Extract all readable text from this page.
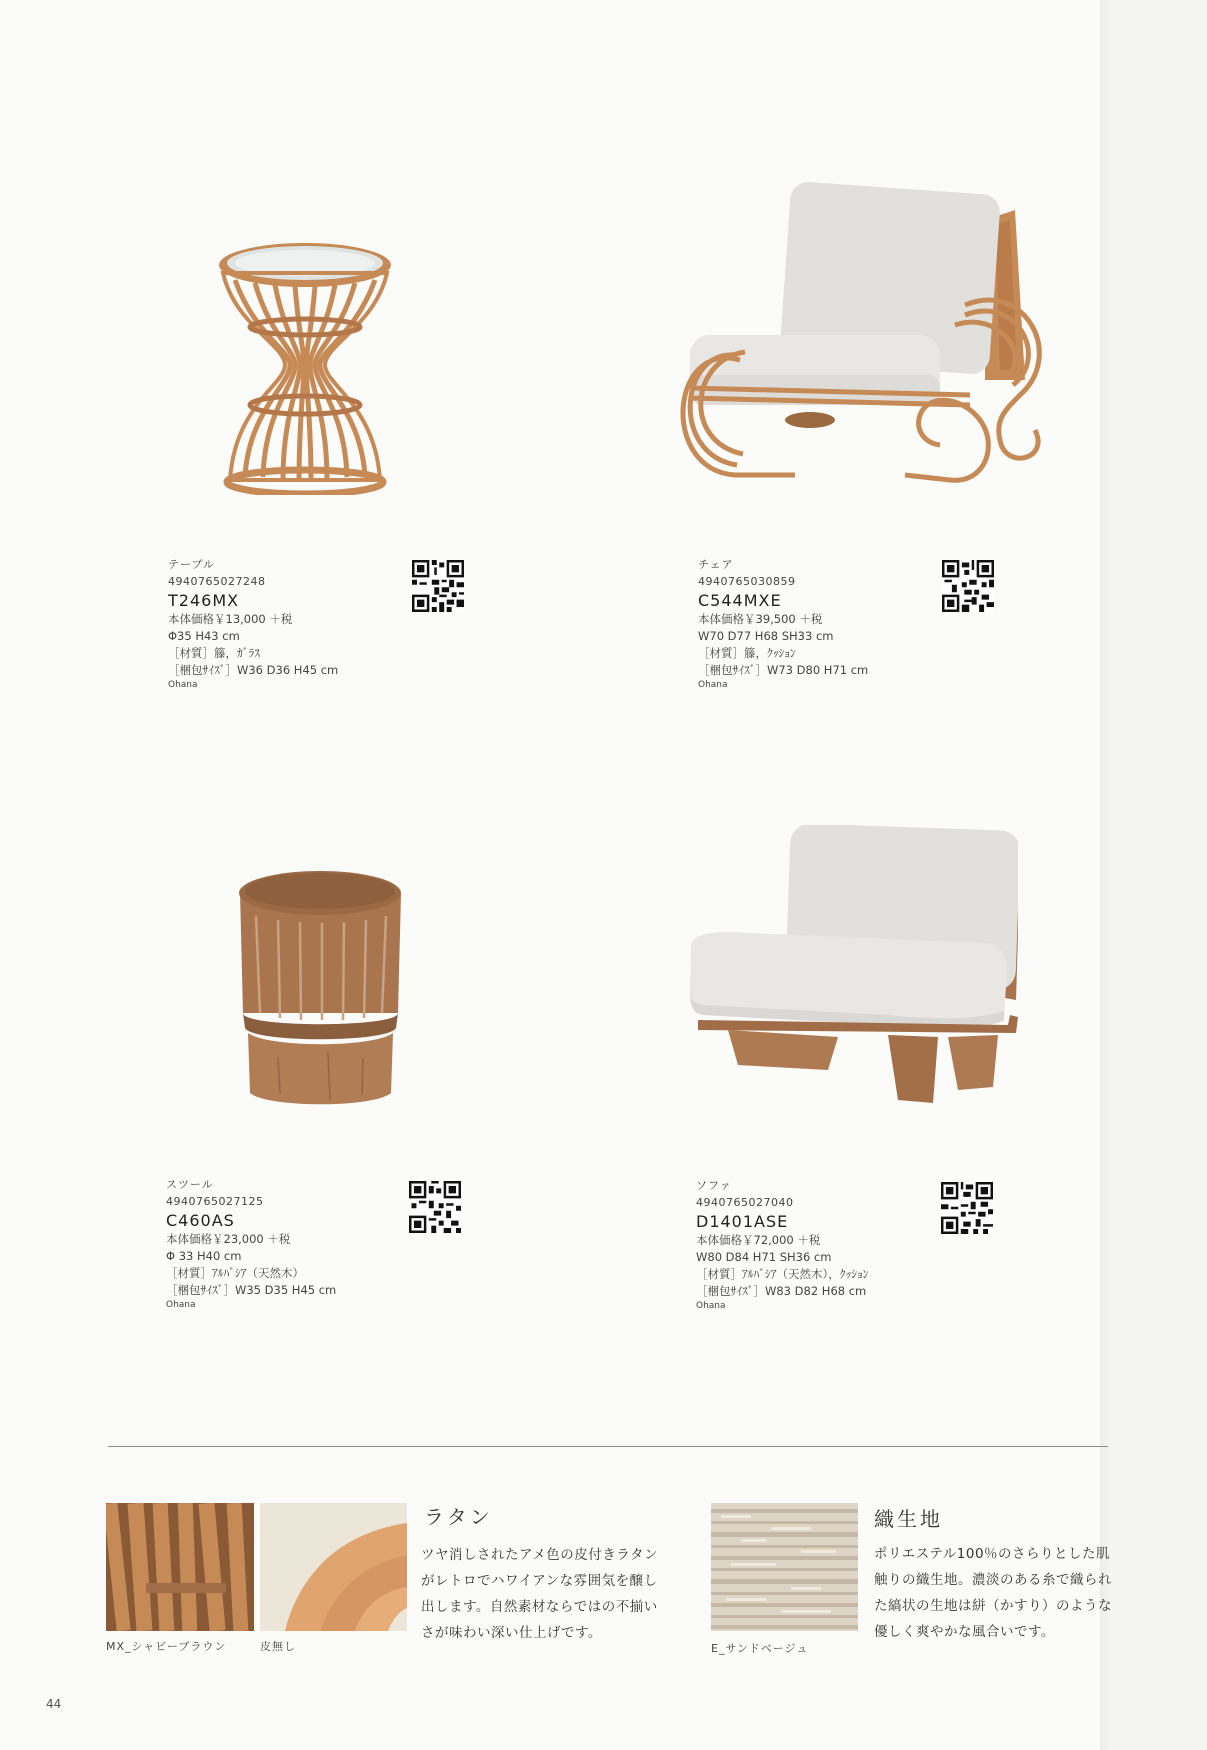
テーブル
4940765027248
T246MX
本体価格￥13,000 ＋税
Φ35 H43 cm
［材質］籐，ｶﾞﾗｽ
［梱包ｻｲｽﾞ］W36 D36 H45 cm
Ohana
チェア
4940765030859
C544MXE
本体価格￥39,500 ＋税
W70 D77 H68 SH33 cm
［材質］籐，ｸｯｼｮﾝ
［梱包ｻｲｽﾞ］W73 D80 H71 cm
Ohana
スツール
4940765027125
C460AS
本体価格￥23,000 ＋税
Φ 33 H40 cm
［材質］ｱﾙﾊﾞｼｱ（天然木）
［梱包ｻｲｽﾞ］W35 D35 H45 cm
Ohana
ソファ
4940765027040
D1401ASE
本体価格￥72,000 ＋税
W80 D84 H71 SH36 cm
［材質］ｱﾙﾊﾞｼｱ（天然木），ｸｯｼｮﾝ
［梱包ｻｲｽﾞ］W83 D82 H68 cm
Ohana
MX_シャビーブラウン	皮無し
ラタン
ツヤ消しされたアメ色の皮付きラタンがレトロでハワイアンな雰囲気を醸し出します。自然素材ならではの不揃いさが味わい深い仕上げです。
E_サンドベージュ
織生地
ポリエステル100％のさらりとした肌触りの織生地。濃淡のある糸で織られた縞状の生地は絣（かすり）のような優しく爽やかな風合いです。
44
